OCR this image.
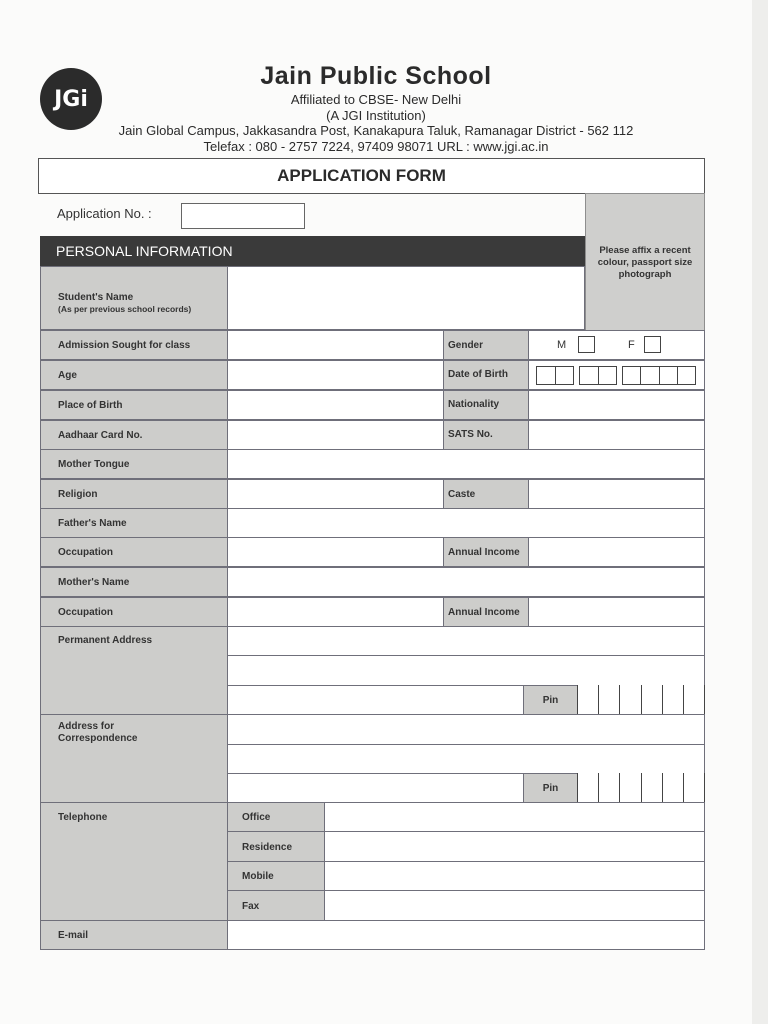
JGi
Jain Public School
Affiliated to CBSE- New Delhi
(A JGI Institution)
Jain Global Campus, Jakkasandra Post, Kanakapura Taluk, Ramanagar District - 562 112
Telefax : 080 - 2757 7224, 97409 98071 URL : www.jgi.ac.in
APPLICATION FORM
Application No. :
Please affix a recent colour, passport size photograph
PERSONAL INFORMATION
Student's Name
(As per previous school records)
Admission Sought for class	Gender	M	F
Age	Date of Birth
Place of Birth	Nationality
Aadhaar Card No.	SATS No.
Mother Tongue
Religion	Caste
Father's Name
Occupation	Annual Income
Mother's Name
Occupation	Annual Income
Permanent Address
Pin
Address for Correspondence
Pin
Telephone	Office
Residence
Mobile
Fax
E-mail
